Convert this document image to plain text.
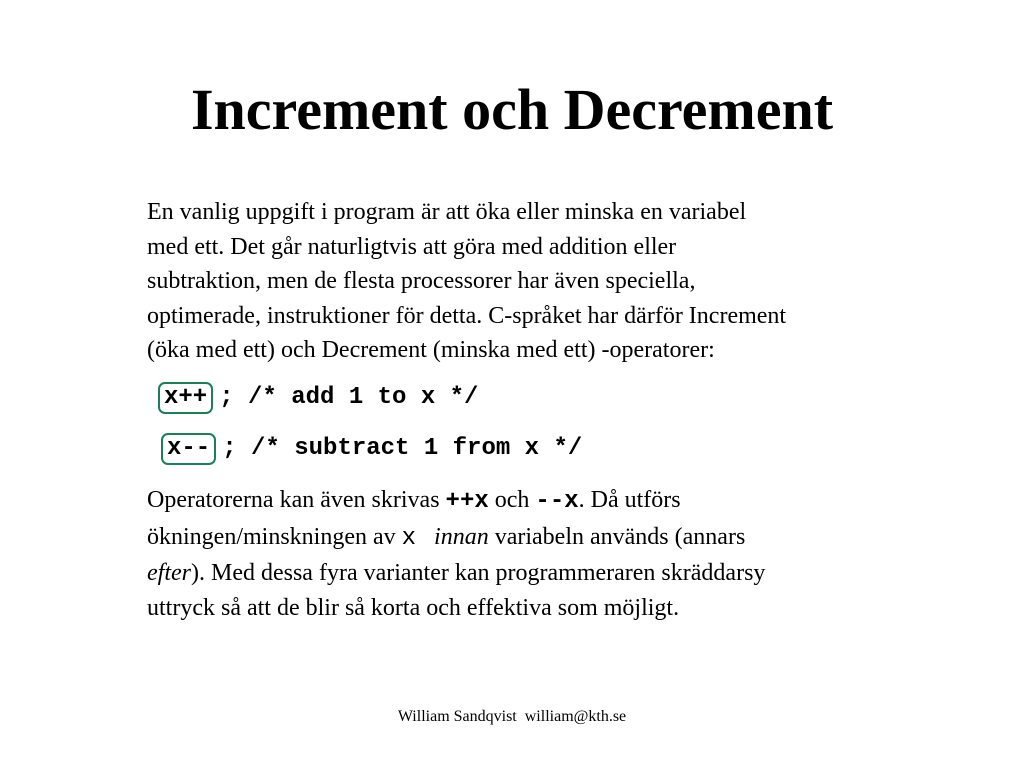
Increment och Decrement
En vanlig uppgift i program är att öka eller minska en variabel
med ett. Det går naturligtvis att göra med addition eller
subtraktion, men de flesta processorer har även speciella,
optimerade, instruktioner för detta. C-språket har därför Increment
(öka med ett) och Decrement (minska med ett) -operatorer:
x++ ; /* add 1 to x */
x-- ; /* subtract 1 from x */
Operatorerna kan även skrivas ++x och --x. Då utförs
ökningen/minskningen av x innan variabeln används (annars
efter). Med dessa fyra varianter kan programmeraren skräddarsy
uttryck så att de blir så korta och effektiva som möjligt.
William Sandqvist  william@kth.se
